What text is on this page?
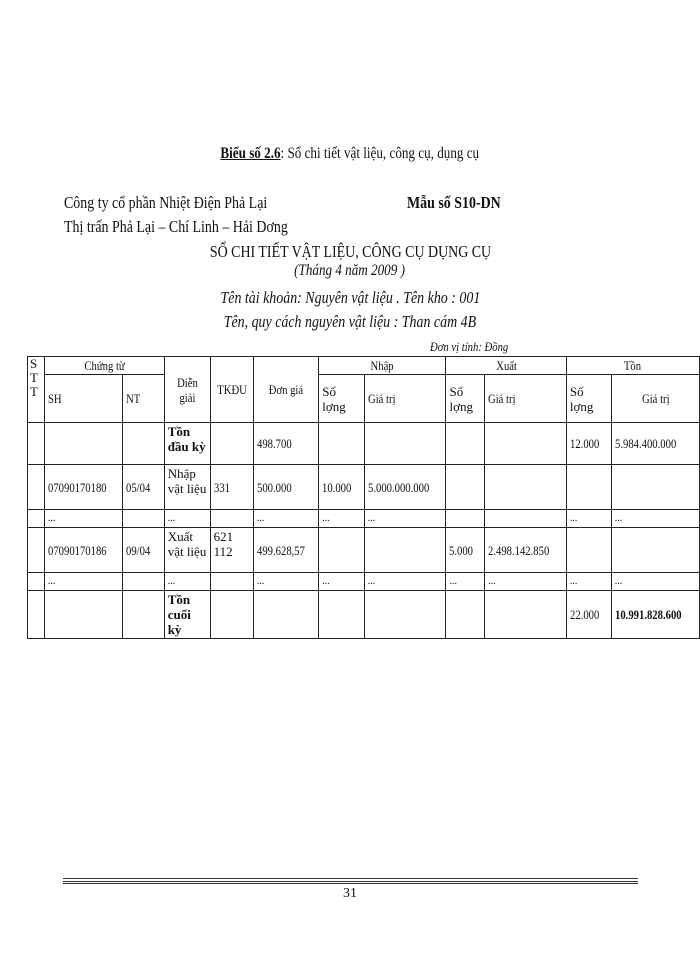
Biểu số 2.6: Sổ chi tiết vật liệu, công cụ, dụng cụ
Công ty cổ phần Nhiệt Điện Phả Lại	Mẫu số S10-DN
Thị trấn Phả Lại – Chí Linh – Hải Dơng
SỔ CHI TIẾT VẬT LIỆU, CÔNG CỤ DỤNG CỤ
(Tháng 4 năm 2009 )
Tên tài khoản: Nguyên vật liệu . Tên kho : 001
Tên, quy cách nguyên vật liệu : Than cám 4B
Đơn vị tính: Đồng
S T T	Chứng từ		Diễn giải	TKĐU	Đơn giá	Nhập		Xuất		Tồn	
	SH	NT				Số lợng	Giá trị	Số lợng	Giá trị	Số lợng	Giá trị
			Tồn đầu kỳ		498.700					12.000	5.984.400.000
	07090170180	05/04	Nhập vật liệu	331	500.000	10.000	5.000.000.000				
	...		...		...	...	...			...	...
	07090170186	09/04	Xuất vật liệu	621 112	499.628,57			5.000	2.498.142.850		
	...		...		...	...	...	...	...	...	...
			Tồn cuối kỳ							22.000	10.991.828.600
31
